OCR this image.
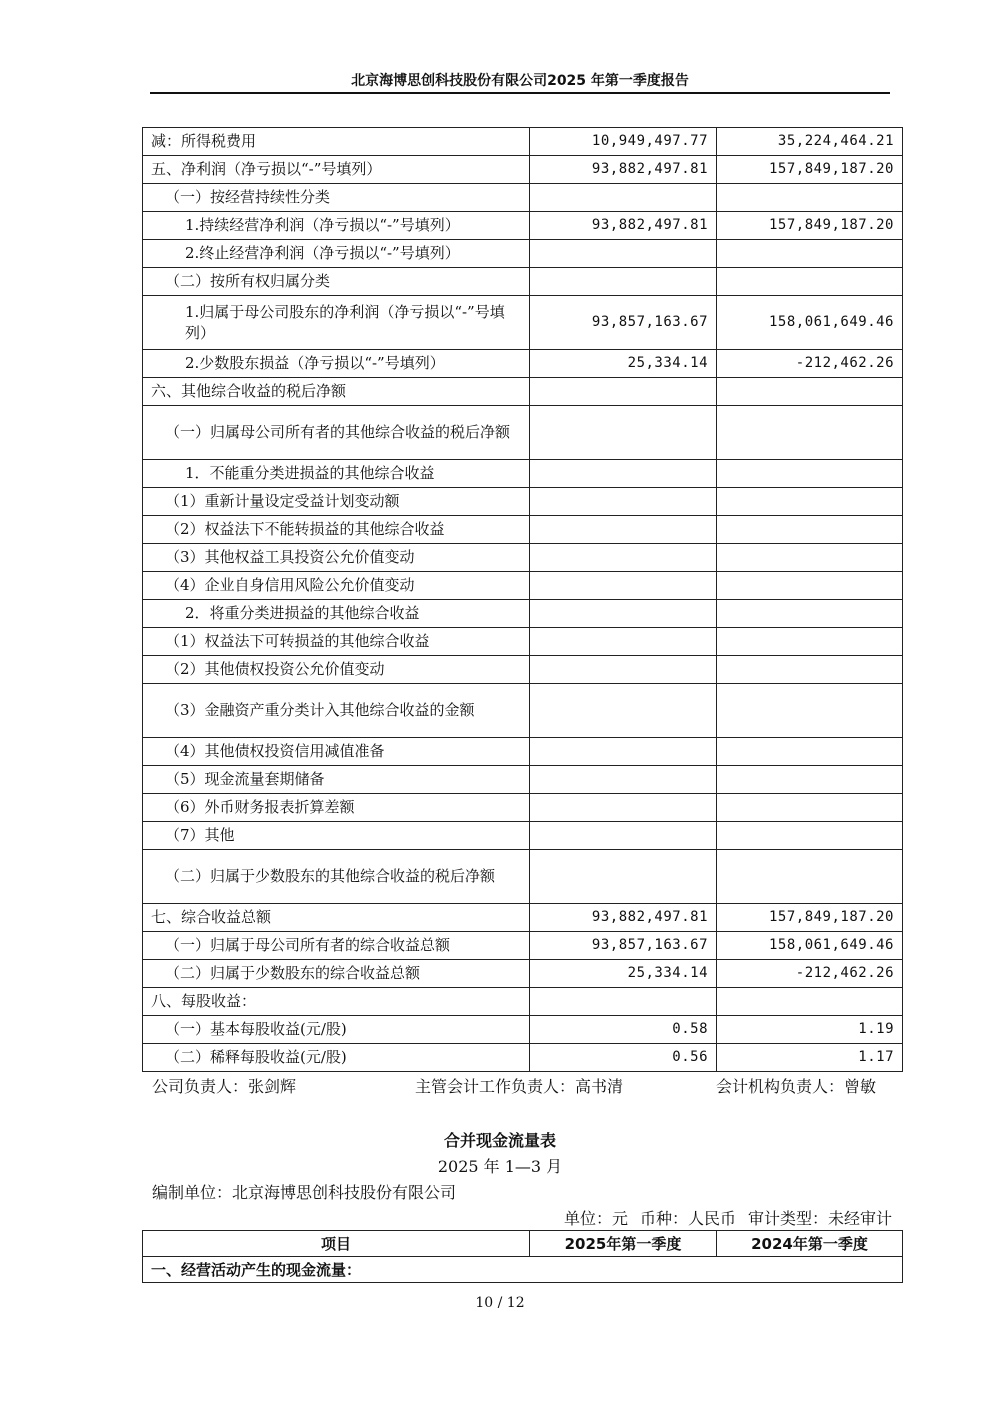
北京海博思创科技股份有限公司2025 年第一季度报告
减：所得税费用	10,949,497.77	35,224,464.21
五、净利润（净亏损以“-”号填列）	93,882,497.81	157,849,187.20
（一）按经营持续性分类		
1.持续经营净利润（净亏损以“-”号填列）	93,882,497.81	157,849,187.20
2.终止经营净利润（净亏损以“-”号填列）		
（二）按所有权归属分类		
1.归属于母公司股东的净利润（净亏损以“-”号填列）	93,857,163.67	158,061,649.46
2.少数股东损益（净亏损以“-”号填列）	25,334.14	-212,462.26
六、其他综合收益的税后净额		
（一）归属母公司所有者的其他综合收益的税后净额		
1．不能重分类进损益的其他综合收益		
（1）重新计量设定受益计划变动额		
（2）权益法下不能转损益的其他综合收益		
（3）其他权益工具投资公允价值变动		
（4）企业自身信用风险公允价值变动		
2．将重分类进损益的其他综合收益		
（1）权益法下可转损益的其他综合收益		
（2）其他债权投资公允价值变动		
（3）金融资产重分类计入其他综合收益的金额		
（4）其他债权投资信用减值准备		
（5）现金流量套期储备		
（6）外币财务报表折算差额		
（7）其他		
（二）归属于少数股东的其他综合收益的税后净额		
七、综合收益总额	93,882,497.81	157,849,187.20
（一）归属于母公司所有者的综合收益总额	93,857,163.67	158,061,649.46
（二）归属于少数股东的综合收益总额	25,334.14	-212,462.26
八、每股收益：		
（一）基本每股收益(元/股)	0.58	1.19
（二）稀释每股收益(元/股)	0.56	1.17
公司负责人：张剑辉	主管会计工作负责人：高书清	会计机构负责人：曾敏
合并现金流量表
2025 年 1—3 月
编制单位：北京海博思创科技股份有限公司
单位：元 币种：人民币 审计类型：未经审计
项目	2025年第一季度	2024年第一季度
一、经营活动产生的现金流量：
10 / 12
